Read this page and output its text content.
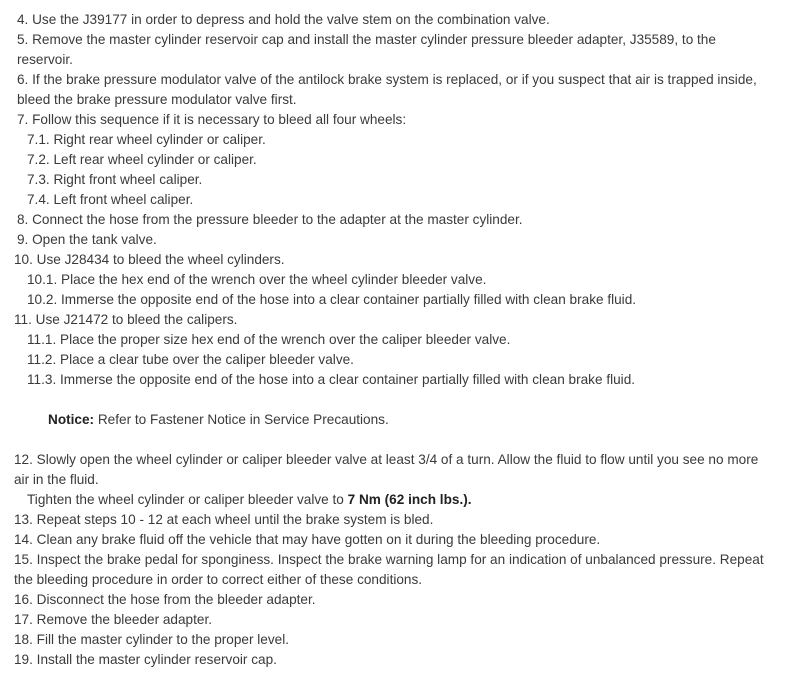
4. Use the J39177 in order to depress and hold the valve stem on the combination valve.

5. Remove the master cylinder reservoir cap and install the master cylinder pressure bleeder adapter, J35589, to the reservoir.

6. If the brake pressure modulator valve of the antilock brake system is replaced, or if you suspect that air is trapped inside, bleed the brake pressure modulator valve first.

7. Follow this sequence if it is necessary to bleed all four wheels:

7.1. Right rear wheel cylinder or caliper.

7.2. Left rear wheel cylinder or caliper.

7.3. Right front wheel caliper.

7.4. Left front wheel caliper.

8. Connect the hose from the pressure bleeder to the adapter at the master cylinder.

9. Open the tank valve.

10. Use J28434 to bleed the wheel cylinders.

10.1. Place the hex end of the wrench over the wheel cylinder bleeder valve.

10.2. Immerse the opposite end of the hose into a clear container partially filled with clean brake fluid.

11. Use J21472 to bleed the calipers.

11.1. Place the proper size hex end of the wrench over the caliper bleeder valve.

11.2. Place a clear tube over the caliper bleeder valve.

11.3. Immerse the opposite end of the hose into a clear container partially filled with clean brake fluid.

Notice: Refer to Fastener Notice in Service Precautions.

12. Slowly open the wheel cylinder or caliper bleeder valve at least 3/4 of a turn. Allow the fluid to flow until you see no more air in the fluid.

Tighten the wheel cylinder or caliper bleeder valve to 7 Nm (62 inch lbs.).

13. Repeat steps 10 - 12 at each wheel until the brake system is bled.

14. Clean any brake fluid off the vehicle that may have gotten on it during the bleeding procedure.

15. Inspect the brake pedal for sponginess. Inspect the brake warning lamp for an indication of unbalanced pressure. Repeat the bleeding procedure in order to correct either of these conditions.

16. Disconnect the hose from the bleeder adapter.

17. Remove the bleeder adapter.

18. Fill the master cylinder to the proper level.

19. Install the master cylinder reservoir cap.
